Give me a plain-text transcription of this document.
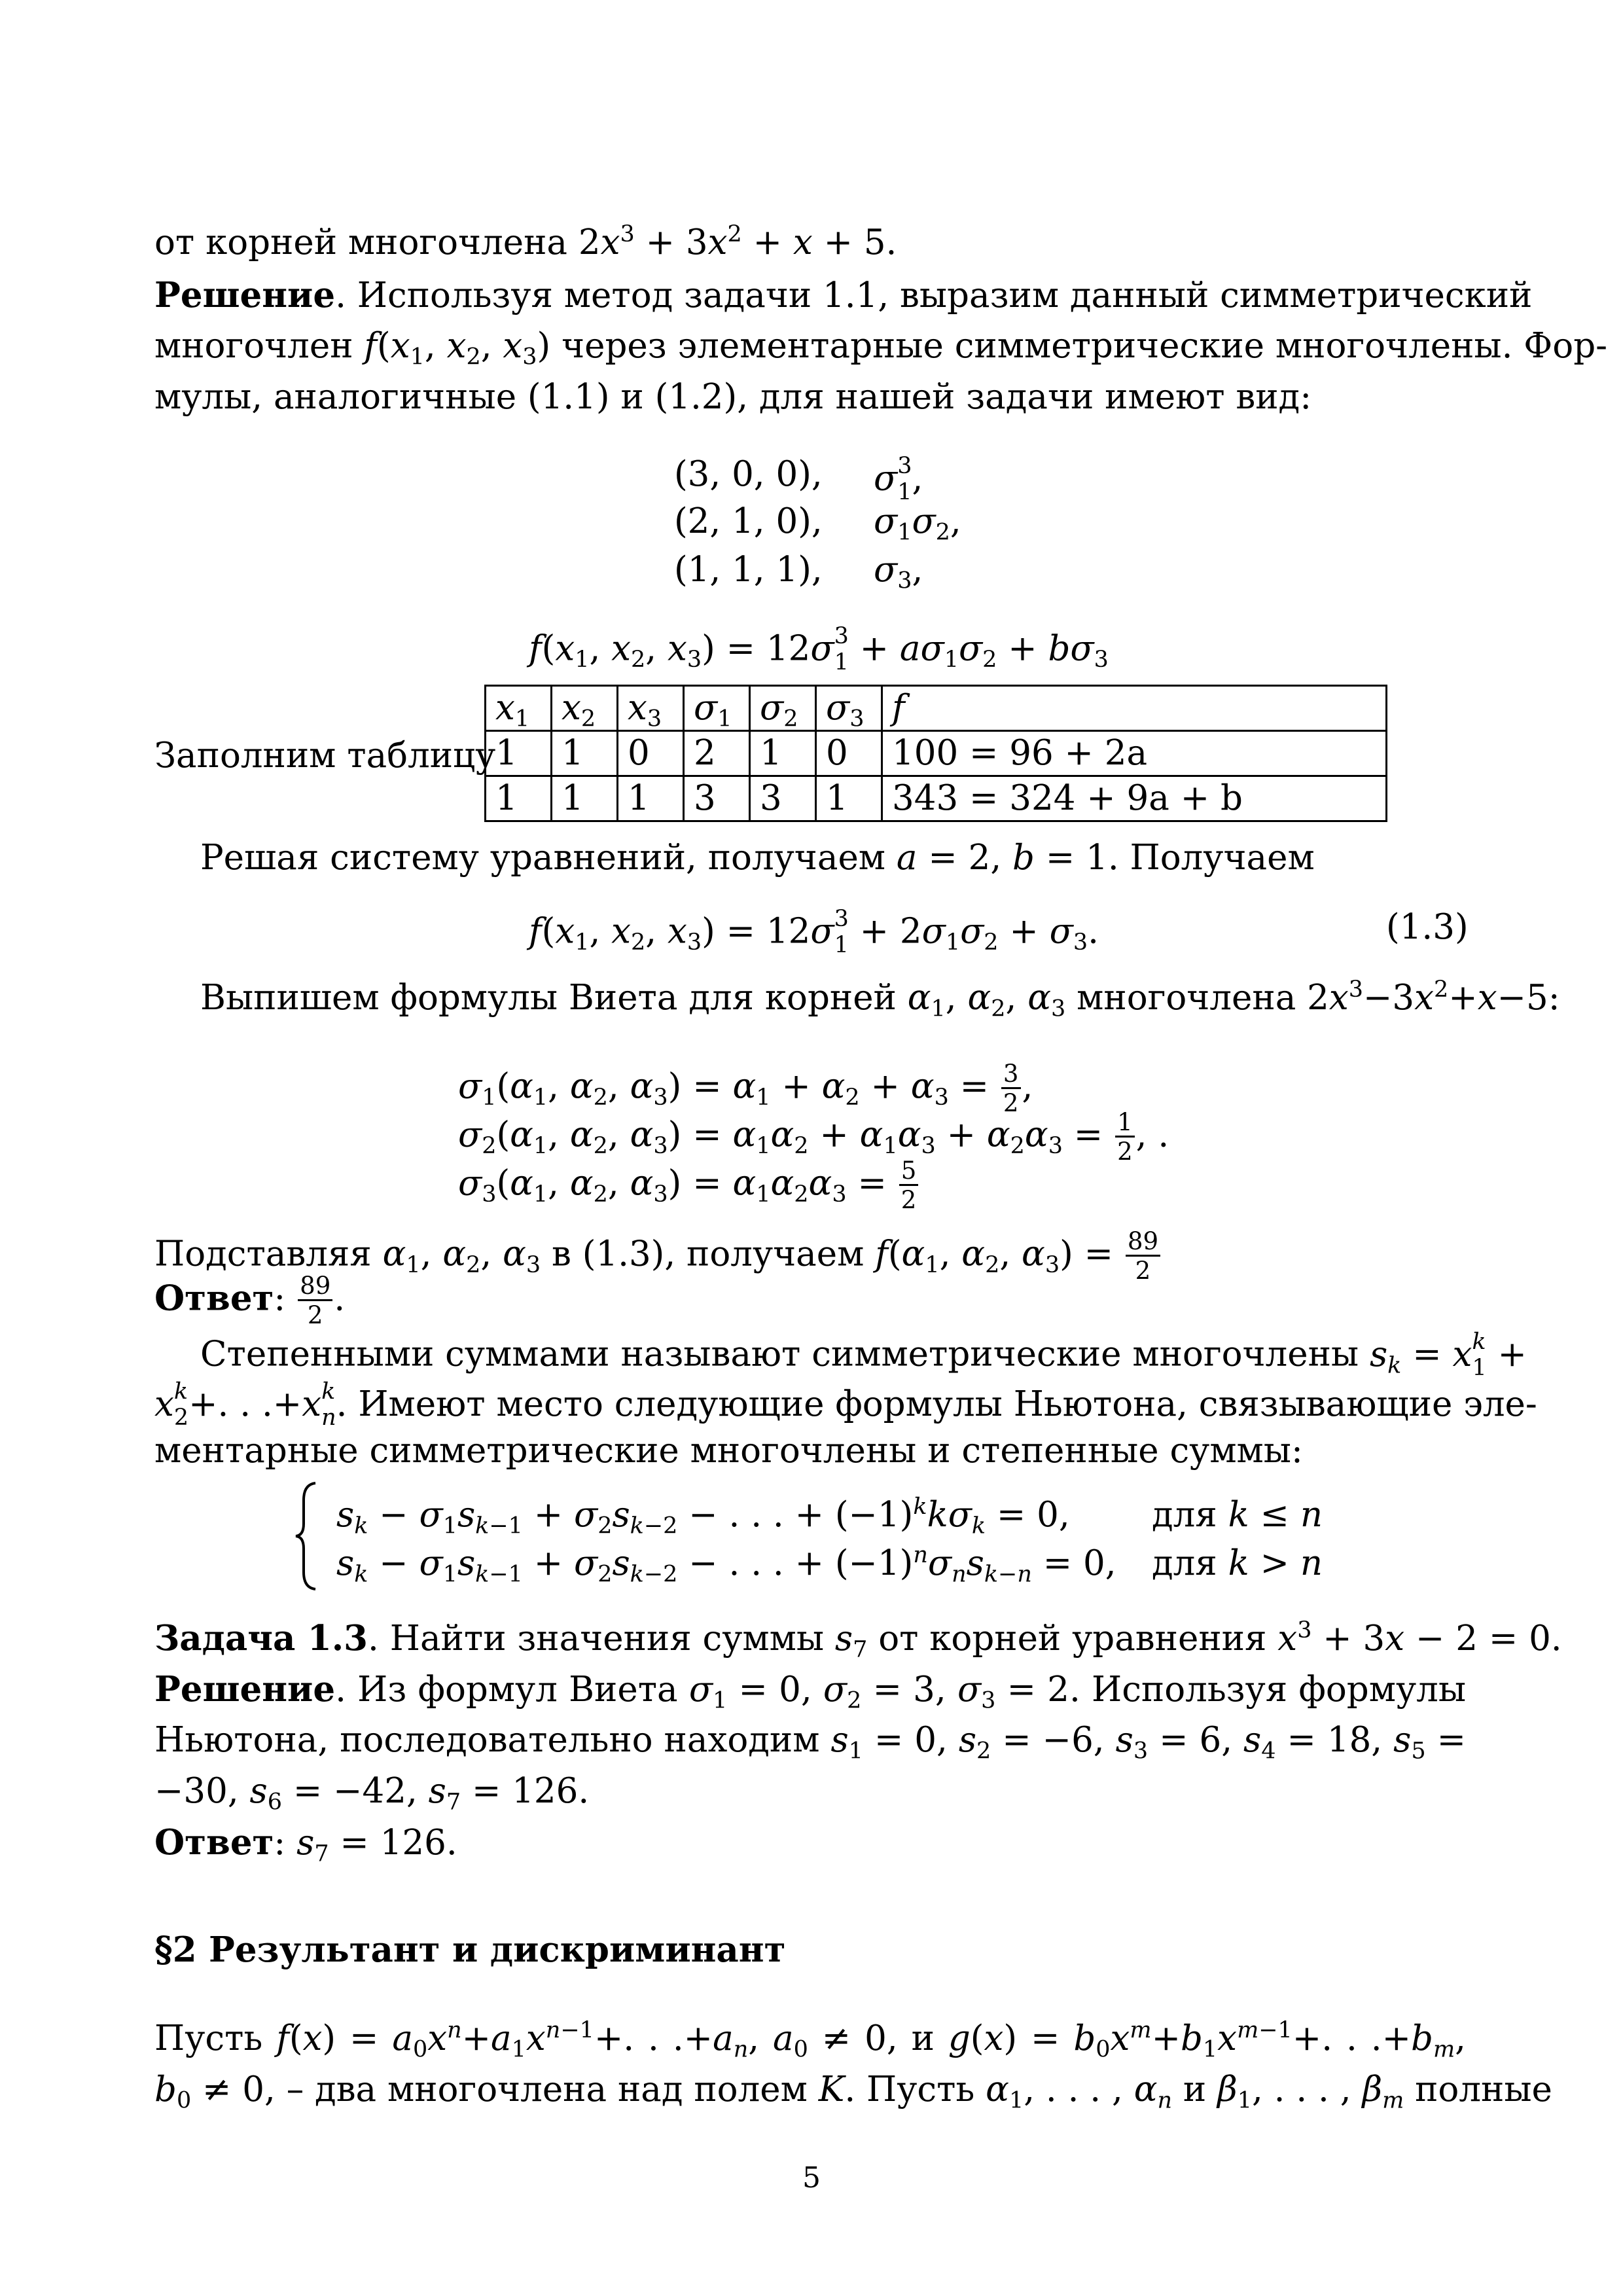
от корней многочлена $2x^3 + 3x^2 + x + 5$.
Решение. Используя метод задачи 1.1, выразим данный симметрический
многочлен $f(x_1$, $x_2$, $x_3$) через элементарные симметрические многочлены. Фор-
мулы, аналогичные (1.1) и (1.2), для нашей задачи имеют вид:
(3, 0, 0), σ 3
1 ,
(2, 1, 0), $\sigma_1\sigma_2$,
(1, 1, 1), $\sigma_3$,
$f(x_1$, $x_2$, $x_3) = 12\sigma$ 3
$1 + a\sigma_1\sigma_2 + b\sigma_3$
Заполним таблицу
$x_1$	$x_2$	$x_3$	$\sigma_1$	$\sigma_2$	$\sigma_3$	f
1	1	0	2	1	0	100 = 96 + 2a
1	1	1	3	3	1	343 = 324 + 9a + b
Решая систему уравнений, получаем a = 2, b = 1. Получаем
$f(x_1$, $x_2$, $x_3) = 12\sigma$ 3
$1 + 2\sigma_1\sigma_2 + \sigma_3$.	(1.3)
Выпишем формулы Виета для корней $\alpha_1$, $\alpha_2$, $\alpha_3$ многочлена $2x^3-3x^2+x-5$:
$\sigma_1(\alpha_1$, $\alpha_2$, $\alpha_3) = \alpha_1 + \alpha_2 + \alpha_3 = \frac{3}{2}$ ,
$\sigma_2(\alpha_1$, $\alpha_2$, $\alpha_3) = \alpha_1\alpha_2 + \alpha_1\alpha_3 + \alpha_2\alpha_3 = \frac{1}{2}$ , .
$\sigma_3(\alpha_1$, $\alpha_2$, $\alpha_3) = \alpha_1\alpha_2\alpha_3 = \frac{5}{2}$
Подставляя $\alpha_1$, $\alpha_2$, $\alpha_3$ в (1.3), получаем $f(\alpha_1$, $\alpha_2$, $\alpha_3) = \frac{89}{2}$
Ответ: $\frac{89}{2}$ .
Степенными суммами называют симметрические многочлены $s_k = x$ k
1 +
x k
2 +. . .+x k
n . Имеют место следующие формулы Ньютона, связывающие эле-
ментарные симметрические многочлены и степенные суммы:
$s_k - \sigma_1s_{k-1} + \sigma_2s_{k-2}$ − . . . + $(-1)^kk\sigma_k = 0$, для k ≤ n
$s_k - \sigma_1s_{k-1} + \sigma_2s_{k-2}$ − . . . + $(-1)^n\sigma_ns_{k-n} = 0$, для k > n
Задача 1.3. Найти значения суммы $s_7$ от корней уравнения $x^3 + 3x - 2 = 0$.
Решение. Из формул Виета $\sigma_1 = 0$, $\sigma_2 = 3$, $\sigma_3 = 2$. Используя формулы
Ньютона, последовательно находим $s_1 = 0$, $s_2 = -6$, $s_3 = 6$, $s_4 = 18$, $s_5$ =
−30, $s_6 = -42$, $s_7 = 126$.
Ответ: $s_7 = 126$.
§2 Результант и дискриминант
Пусть $f(x) = a_0x^n+a_1x^{n-1}+$. . $.+a_n$, $a_0 \ne 0$, и $g(x) = b_0x^m+b_1x^{m-1}+$. . $.+b_m$,
$b_0 \ne 0$, – два многочлена над полем K. Пусть $\alpha_1$, . . . , $\alpha_n$ и $\beta_1$, . . . , $\beta_m$ полные
5
